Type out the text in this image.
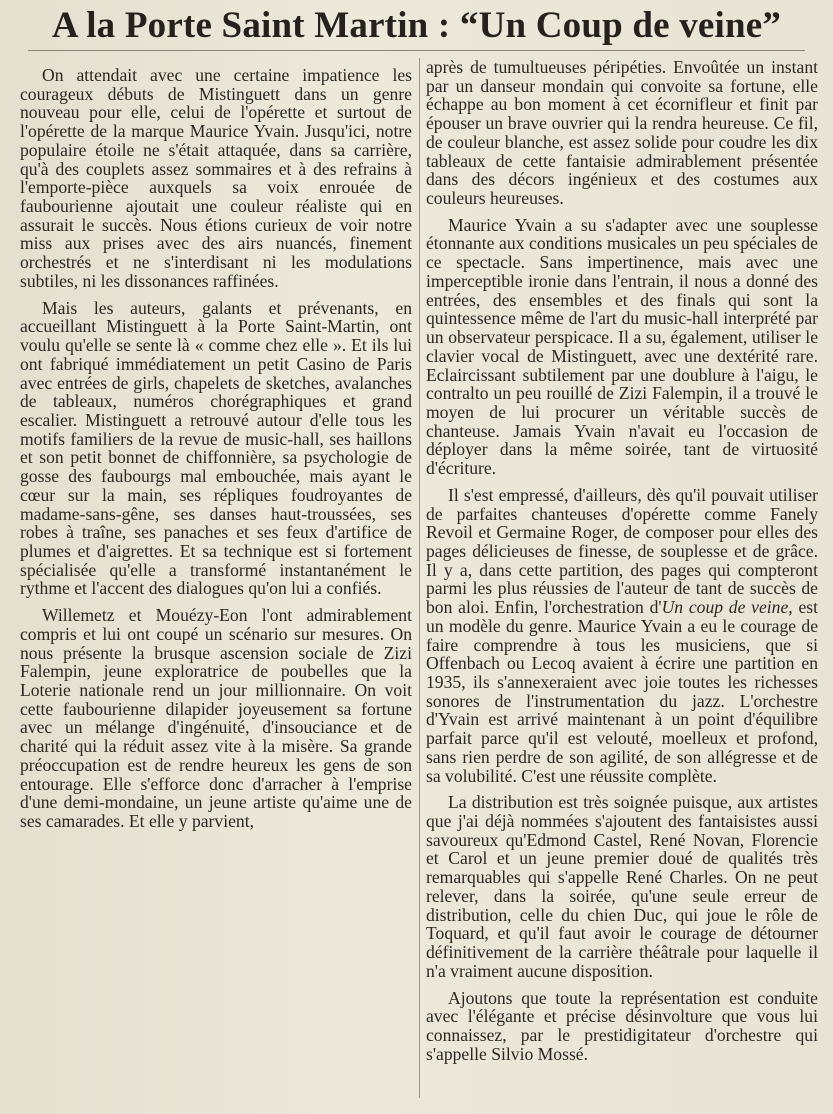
A la Porte Saint Martin : “Un Coup de veine”

On attendait avec une certaine impatience les courageux débuts de Mistinguett dans un genre nouveau pour elle, celui de l'opérette et surtout de l'opérette de la marque Maurice Yvain. Jusqu'ici, notre populaire étoile ne s'était attaquée, dans sa carrière, qu'à des couplets assez sommaires et à des refrains à l'emporte-pièce auxquels sa voix enrouée de faubourienne ajoutait une couleur réaliste qui en assurait le succès. Nous étions curieux de voir notre miss aux prises avec des airs nuancés, finement orchestrés et ne s'interdisant ni les modulations subtiles, ni les dissonances raffinées.

Mais les auteurs, galants et prévenants, en accueillant Mistinguett à la Porte Saint-Martin, ont voulu qu'elle se sente là « comme chez elle ». Et ils lui ont fabriqué immédiatement un petit Casino de Paris avec entrées de girls, chapelets de sketches, avalanches de tableaux, numéros chorégraphiques et grand escalier. Mistinguett a retrouvé autour d'elle tous les motifs familiers de la revue de music-hall, ses haillons et son petit bonnet de chiffonnière, sa psychologie de gosse des faubourgs mal embouchée, mais ayant le cœur sur la main, ses répliques foudroyantes de madame-sans-gêne, ses danses haut-troussées, ses robes à traîne, ses panaches et ses feux d'artifice de plumes et d'aigrettes. Et sa technique est si fortement spécialisée qu'elle a transformé instantanément le rythme et l'accent des dialogues qu'on lui a confiés.

Willemetz et Mouézy-Eon l'ont admirablement compris et lui ont coupé un scénario sur mesures. On nous présente la brusque ascension sociale de Zizi Falempin, jeune exploratrice de poubelles que la Loterie nationale rend un jour millionnaire. On voit cette faubourienne dilapider joyeusement sa fortune avec un mélange d'ingénuité, d'insouciance et de charité qui la réduit assez vite à la misère. Sa grande préoccupation est de rendre heureux les gens de son entourage. Elle s'efforce donc d'arracher à l'emprise d'une demi-mondaine, un jeune artiste qu'aime une de ses camarades. Et elle y parvient,

après de tumultueuses péripéties. Envoûtée un instant par un danseur mondain qui convoite sa fortune, elle échappe au bon moment à cet écornifleur et finit par épouser un brave ouvrier qui la rendra heureuse. Ce fil, de couleur blanche, est assez solide pour coudre les dix tableaux de cette fantaisie admirablement présentée dans des décors ingénieux et des costumes aux couleurs heureuses.

Maurice Yvain a su s'adapter avec une souplesse étonnante aux conditions musicales un peu spéciales de ce spectacle. Sans impertinence, mais avec une imperceptible ironie dans l'entrain, il nous a donné des entrées, des ensembles et des finals qui sont la quintessence même de l'art du music-hall interprété par un observateur perspicace. Il a su, également, utiliser le clavier vocal de Mistinguett, avec une dextérité rare. Eclaircissant subtilement par une doublure à l'aigu, le contralto un peu rouillé de Zizi Falempin, il a trouvé le moyen de lui procurer un véritable succès de chanteuse. Jamais Yvain n'avait eu l'occasion de déployer dans la même soirée, tant de virtuosité d'écriture.

Il s'est empressé, d'ailleurs, dès qu'il pouvait utiliser de parfaites chanteuses d'opérette comme Fanely Revoil et Germaine Roger, de composer pour elles des pages délicieuses de finesse, de souplesse et de grâce. Il y a, dans cette partition, des pages qui compteront parmi les plus réussies de l'auteur de tant de succès de bon aloi. Enfin, l'orchestration d'Un coup de veine, est un modèle du genre. Maurice Yvain a eu le courage de faire comprendre à tous les musiciens, que si Offenbach ou Lecoq avaient à écrire une partition en 1935, ils s'annexeraient avec joie toutes les richesses sonores de l'instrumentation du jazz. L'orchestre d'Yvain est arrivé maintenant à un point d'équilibre parfait parce qu'il est velouté, moelleux et profond, sans rien perdre de son agilité, de son allégresse et de sa volubilité. C'est une réussite complète.

La distribution est très soignée puisque, aux artistes que j'ai déjà nommées s'ajoutent des fantaisistes aussi savoureux qu'Edmond Castel, René Novan, Florencie et Carol et un jeune premier doué de qualités très remarquables qui s'appelle René Charles. On ne peut relever, dans la soirée, qu'une seule erreur de distribution, celle du chien Duc, qui joue le rôle de Toquard, et qu'il faut avoir le courage de détourner définitivement de la carrière théâtrale pour laquelle il n'a vraiment aucune disposition.

Ajoutons que toute la représentation est conduite avec l'élégante et précise désinvolture que vous lui connaissez, par le prestidigitateur d'orchestre qui s'appelle Silvio Mossé.
